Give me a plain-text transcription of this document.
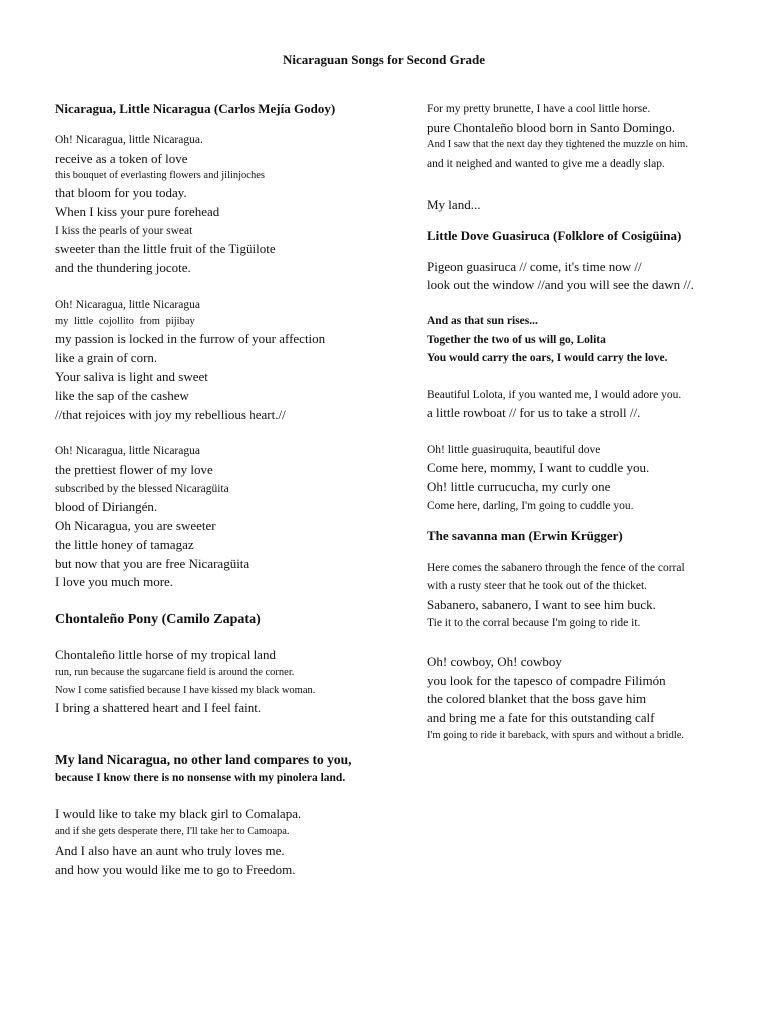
Nicaraguan Songs for Second Grade

Nicaragua, Little Nicaragua (Carlos Mejía Godoy)

Oh! Nicaragua, little Nicaragua.
receive as a token of love
this bouquet of everlasting flowers and jilinjoches
that bloom for you today.
When I kiss your pure forehead
I kiss the pearls of your sweat
sweeter than the little fruit of the Tigüilote
and the thundering jocote.
Oh! Nicaragua, little Nicaragua
my little cojollito from pijibay
my passion is locked in the furrow of your affection
like a grain of corn.
Your saliva is light and sweet
like the sap of the cashew
//that rejoices with joy my rebellious heart.//
Oh! Nicaragua, little Nicaragua
the prettiest flower of my love
subscribed by the blessed Nicaragüita
blood of Diriangén.
Oh Nicaragua, you are sweeter
the little honey of tamagaz
but now that you are free Nicaragüita
I love you much more.

Chontaleño Pony (Camilo Zapata)

Chontaleño little horse of my tropical land
run, run because the sugarcane field is around the corner.
Now I come satisfied because I have kissed my black woman.
I bring a shattered heart and I feel faint.
My land Nicaragua, no other land compares to you,
because I know there is no nonsense with my pinolera land.
I would like to take my black girl to Comalapa.
and if she gets desperate there, I'll take her to Camoapa.
And I also have an aunt who truly loves me.
and how you would like me to go to Freedom.
For my pretty brunette, I have a cool little horse.
pure Chontaleño blood born in Santo Domingo.
And I saw that the next day they tightened the muzzle on him.
and it neighed and wanted to give me a deadly slap.
My land...

Little Dove Guasiruca (Folklore of Cosigüina)

Pigeon guasiruca // come, it's time now //
look out the window //and you will see the dawn //.
And as that sun rises...
Together the two of us will go, Lolita
You would carry the oars, I would carry the love.
Beautiful Lolota, if you wanted me, I would adore you.
a little rowboat // for us to take a stroll //.
Oh! little guasiruquita, beautiful dove
Come here, mommy, I want to cuddle you.
Oh! little currucucha, my curly one
Come here, darling, I'm going to cuddle you.

The savanna man (Erwin Krügger)

Here comes the sabanero through the fence of the corral
with a rusty steer that he took out of the thicket.
Sabanero, sabanero, I want to see him buck.
Tie it to the corral because I'm going to ride it.
Oh! cowboy, Oh! cowboy
you look for the tapesco of compadre Filimón
the colored blanket that the boss gave him
and bring me a fate for this outstanding calf
I'm going to ride it bareback, with spurs and without a bridle.
